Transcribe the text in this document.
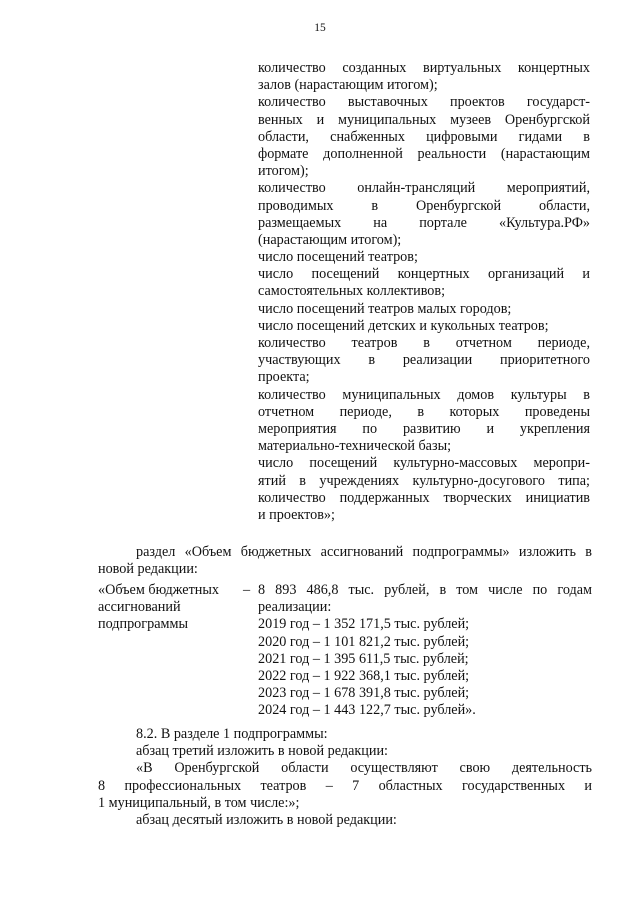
15
количество созданных виртуальных концертных
залов (нарастающим итогом);
количество выставочных проектов государст-
венных и муниципальных музеев Оренбургской
области, снабженных цифровыми гидами в
формате дополненной реальности (нарастающим
итогом);
количество онлайн-трансляций мероприятий,
проводимых в Оренбургской области,
размещаемых на портале «Культура.РФ»
(нарастающим итогом);
число посещений театров;
число посещений концертных организаций и
самостоятельных коллективов;
число посещений театров малых городов;
число посещений детских и кукольных театров;
количество театров в отчетном периоде,
участвующих в реализации приоритетного
проекта;
количество муниципальных домов культуры в
отчетном периоде, в которых проведены
мероприятия по развитию и укрепления
материально-технической базы;
число посещений культурно-массовых меропри-
ятий в учреждениях культурно-досугового типа;
количество поддержанных творческих инициатив
и проектов»;
раздел «Объем бюджетных ассигнований подпрограммы» изложить в
новой редакции:
«Объем бюджетных
ассигнований
подпрограммы
– 8 893 486,8 тыс. рублей, в том числе по годам
реализации:
2019 год – 1 352 171,5 тыс. рублей;
2020 год – 1 101 821,2 тыс. рублей;
2021 год – 1 395 611,5 тыс. рублей;
2022 год – 1 922 368,1 тыс. рублей;
2023 год – 1 678 391,8 тыс. рублей;
2024 год – 1 443 122,7 тыс. рублей».
8.2. В разделе 1 подпрограммы:
абзац третий изложить в новой редакции:
«В Оренбургской области осуществляют свою деятельность
8 профессиональных театров – 7 областных государственных и
1 муниципальный, в том числе:»;
абзац десятый изложить в новой редакции:
